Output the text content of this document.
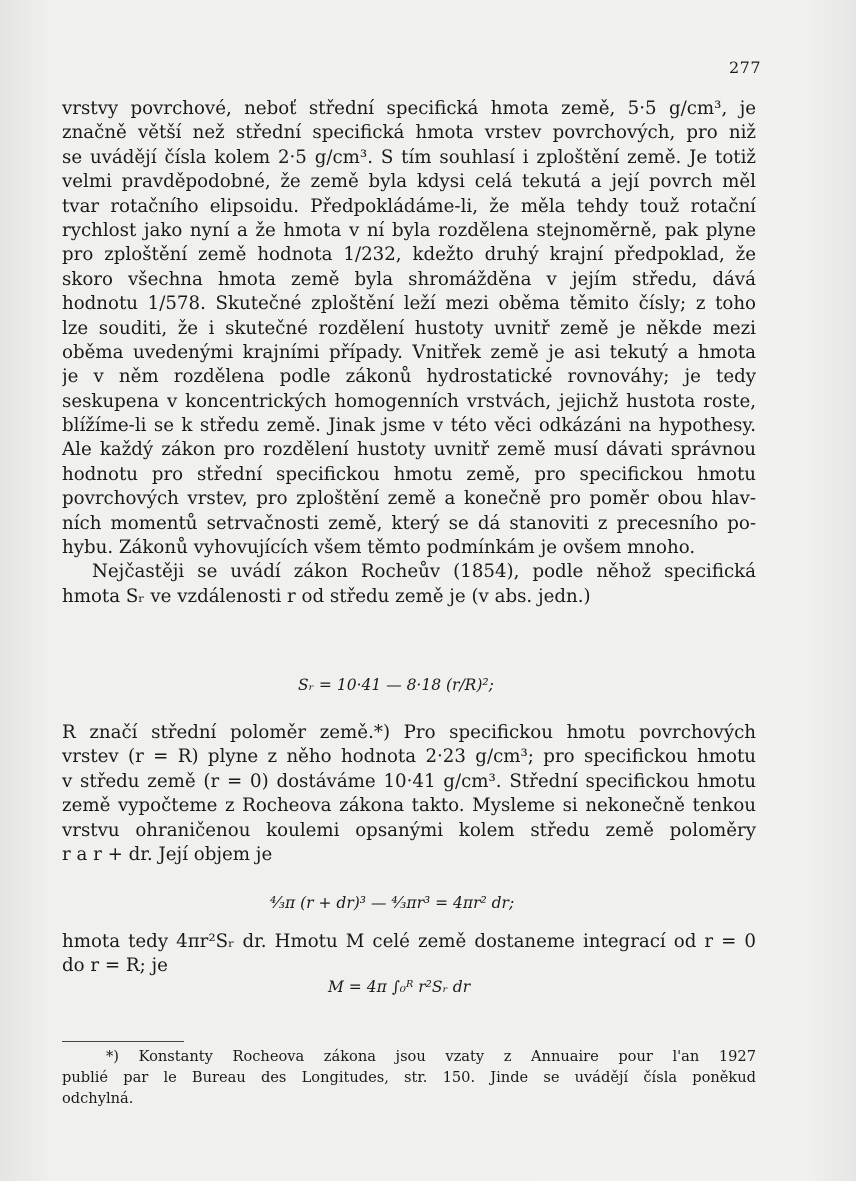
277
vrstvy povrchové, neboť střední specifická hmota země, 5·5 g/cm³, je
značně větší než střední specifická hmota vrstev povrchových, pro niž
se uvádějí čísla kolem 2·5 g/cm³. S tím souhlasí i zploštění země. Je totiž
velmi pravděpodobné, že země byla kdysi celá tekutá a její povrch měl
tvar rotačního elipsoidu. Předpokládáme-li, že měla tehdy touž rotační
rychlost jako nyní a že hmota v ní byla rozdělena stejnoměrně, pak plyne
pro zploštění země hodnota 1/232, kdežto druhý krajní předpoklad, že
skoro všechna hmota země byla shromážděna v jejím středu, dává
hodnotu 1/578. Skutečné zploštění leží mezi oběma těmito čísly; z toho
lze souditi, že i skutečné rozdělení hustoty uvnitř země je někde mezi
oběma uvedenými krajními případy. Vnitřek země je asi tekutý a hmota
je v něm rozdělena podle zákonů hydrostatické rovnováhy; je tedy
seskupena v koncentrických homogenních vrstvách, jejichž hustota roste,
blížíme-li se k středu země. Jinak jsme v této věci odkázáni na hypothesy.
Ale každý zákon pro rozdělení hustoty uvnitř země musí dávati správnou
hodnotu pro střední specifickou hmotu země, pro specifickou hmotu
povrchových vrstev, pro zploštění země a konečně pro poměr obou hlav-
ních momentů setrvačnosti země, který se dá stanoviti z precesního po-
hybu. Zákonů vyhovujících všem těmto podmínkám je ovšem mnoho.
Nejčastěji se uvádí zákon Rocheův (1854), podle něhož specifická
hmota Sᵣ ve vzdálenosti r od středu země je (v abs. jedn.)
Sᵣ = 10·41 — 8·18 (r/R)²;
R značí střední poloměr země.*) Pro specifickou hmotu povrchových
vrstev (r = R) plyne z něho hodnota 2·23 g/cm³; pro specifickou hmotu
v středu země (r = 0) dostáváme 10·41 g/cm³. Střední specifickou hmotu
země vypočteme z Rocheova zákona takto. Mysleme si nekonečně tenkou
vrstvu ohraničenou koulemi opsanými kolem středu země poloměry
r a r + dr. Její objem je
⁴⁄₃π (r + dr)³ — ⁴⁄₃πr³ = 4πr² dr;
hmota tedy 4πr²Sᵣ dr. Hmotu M celé země dostaneme integrací od r = 0
do r = R; je
M = 4π ∫₀ᴿ r²Sᵣ dr
*) Konstanty Rocheova zákona jsou vzaty z Annuaire pour l'an 1927
publié par le Bureau des Longitudes, str. 150. Jinde se uvádějí čísla poněkud
odchylná.
